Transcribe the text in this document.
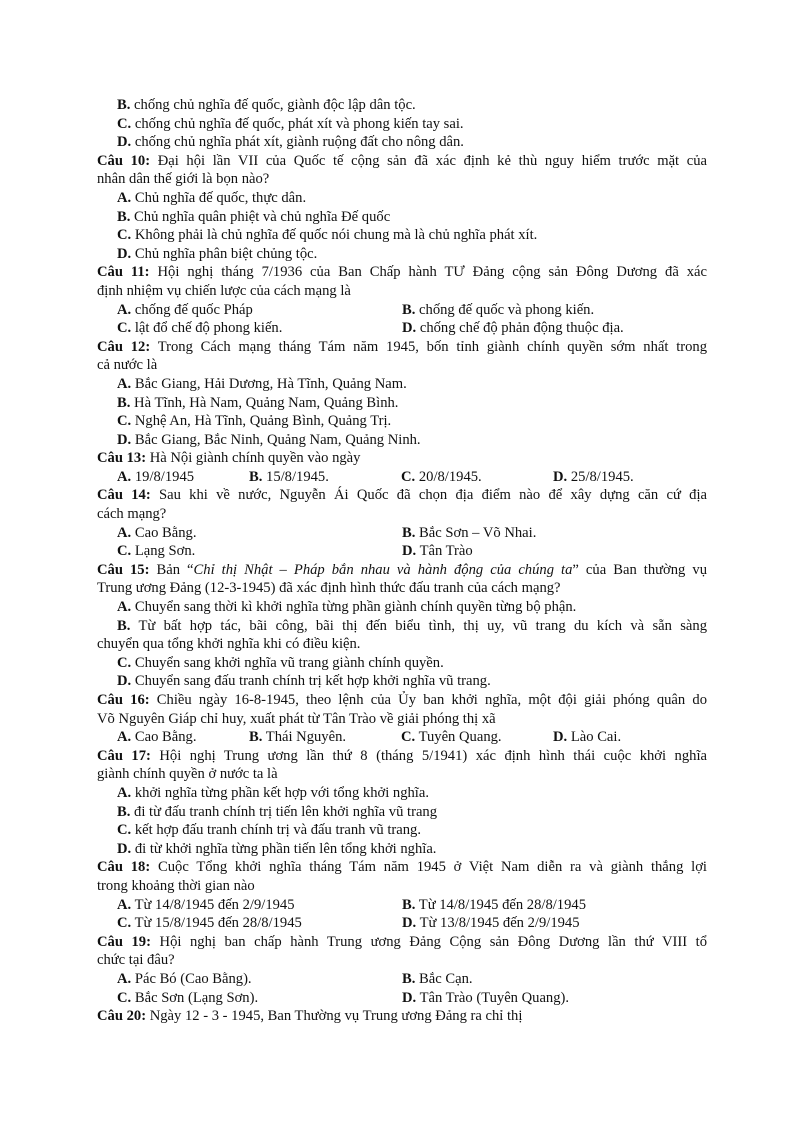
B. chống chủ nghĩa đế quốc, giành độc lập dân tộc.
C. chống chủ nghĩa đế quốc, phát xít và phong kiến tay sai.
D. chống chủ nghĩa phát xít, giành ruộng đất cho nông dân.
Câu 10: Đại hội lần VII của Quốc tế cộng sản đã xác định kẻ thù nguy hiểm trước mặt của
nhân dân thế giới là bọn nào?
A. Chủ nghĩa đế quốc, thực dân.
B. Chủ nghĩa quân phiệt và chủ nghĩa Đế quốc
C. Không phải là chủ nghĩa đế quốc nói chung mà là chủ nghĩa phát xít.
D. Chủ nghĩa phân biệt chủng tộc.
Câu 11: Hội nghị tháng 7/1936 của Ban Chấp hành TƯ Đảng cộng sản Đông Dương đã xác
định nhiệm vụ chiến lược của cách mạng là
A. chống đế quốc Pháp	B. chống đế quốc và phong kiến.
C. lật đổ chế độ phong kiến.	D. chống chế độ phản động thuộc địa.
Câu 12: Trong Cách mạng tháng Tám năm 1945, bốn tỉnh giành chính quyền sớm nhất trong
cả nước là
A. Bắc Giang, Hải Dương, Hà Tĩnh, Quảng Nam.
B. Hà Tĩnh, Hà Nam, Quảng Nam, Quảng Bình.
C. Nghệ An, Hà Tĩnh, Quảng Bình, Quảng Trị.
D. Bắc Giang, Bắc Ninh, Quảng Nam, Quảng Ninh.
Câu 13: Hà Nội giành chính quyền vào ngày
A. 19/8/1945	B. 15/8/1945.	C. 20/8/1945.	D. 25/8/1945.
Câu 14: Sau khi về nước, Nguyễn Ái Quốc đã chọn địa điểm nào để xây dựng căn cứ địa
cách mạng?
A. Cao Bằng.	B. Bắc Sơn – Võ Nhai.
C. Lạng Sơn.	D. Tân Trào
Câu 15: Bản “Chỉ thị Nhật – Pháp bắn nhau và hành động của chúng ta” của Ban thường vụ
Trung ương Đảng (12-3-1945) đã xác định hình thức đấu tranh của cách mạng?
A. Chuyển sang thời kì khởi nghĩa từng phần giành chính quyền từng bộ phận.
B. Từ bất hợp tác, bãi công, bãi thị đến biểu tình, thị uy, vũ trang du kích và sẵn sàng
chuyển qua tổng khởi nghĩa khi có điều kiện.
C. Chuyển sang khởi nghĩa vũ trang giành chính quyền.
D. Chuyển sang đấu tranh chính trị kết hợp khởi nghĩa vũ trang.
Câu 16: Chiều ngày 16-8-1945, theo lệnh của Ủy ban khởi nghĩa, một đội giải phóng quân do
Võ Nguyên Giáp chỉ huy, xuất phát từ Tân Trào về giải phóng thị xã
A. Cao Bằng.	B. Thái Nguyên.	C. Tuyên Quang.	D. Lào Cai.
Câu 17: Hội nghị Trung ương lần thứ 8 (tháng 5/1941) xác định hình thái cuộc khởi nghĩa
giành chính quyền ở nước ta là
A. khởi nghĩa từng phần kết hợp với tổng khởi nghĩa.
B. đi từ đấu tranh chính trị tiến lên khởi nghĩa vũ trang
C. kết hợp đấu tranh chính trị và đấu tranh vũ trang.
D. đi từ khởi nghĩa từng phần tiến lên tổng khởi nghĩa.
Câu 18: Cuộc Tổng khởi nghĩa tháng Tám năm 1945 ở Việt Nam diễn ra và giành thắng lợi
trong khoảng thời gian nào
A. Từ 14/8/1945 đến 2/9/1945	B. Từ 14/8/1945 đến 28/8/1945
C. Từ 15/8/1945 đến 28/8/1945	D. Từ 13/8/1945 đến 2/9/1945
Câu 19: Hội nghị ban chấp hành Trung ương Đảng Cộng sản Đông Dương lần thứ VIII tổ
chức tại đâu?
A. Pác Bó (Cao Bằng).	B. Bắc Cạn.
C. Bắc Sơn (Lạng Sơn).	D. Tân Trào (Tuyên Quang).
Câu 20: Ngày 12 - 3 - 1945, Ban Thường vụ Trung ương Đảng ra chỉ thị
